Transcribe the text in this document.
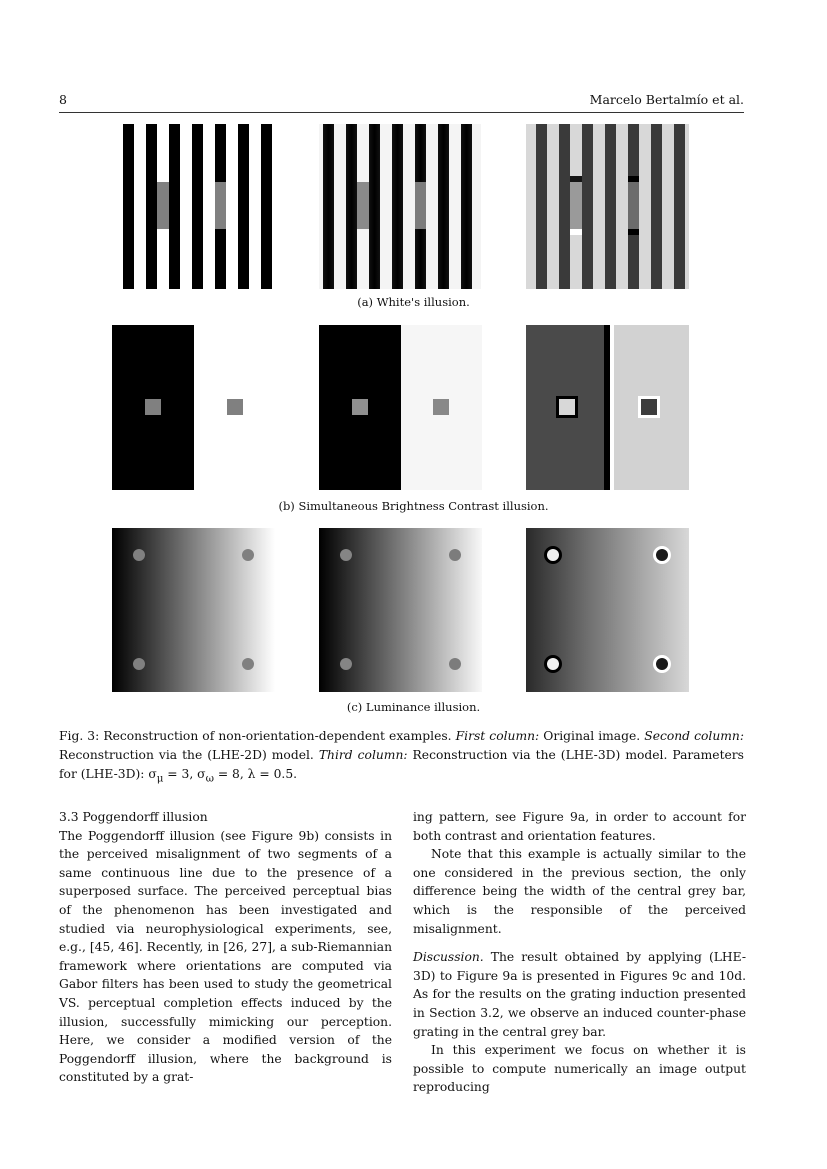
8	Marcelo Bertalmío et al.
(a) White's illusion.
(b) Simultaneous Brightness Contrast illusion.
(c) Luminance illusion.
Fig. 3: Reconstruction of non-orientation-dependent examples. First column: Original image. Second column: Reconstruction via the (LHE-2D) model. Third column: Reconstruction via the (LHE-3D) model. Parameters for (LHE-3D): $\sigma_\mu = 3$, $\sigma_\omega = 8$, λ = 0.5.

3.3 Poggendorff illusion

The Poggendorff illusion (see Figure 9b) consists in the perceived misalignment of two segments of a same continuous line due to the presence of a superposed surface. The perceived perceptual bias of the phenomenon has been investigated and studied via neurophysiological experiments, see, e.g., [45, 46]. Recently, in [26, 27], a sub-Riemannian framework where orientations are computed via Gabor filters has been used to study the geometrical VS. perceptual completion effects induced by the illusion, successfully mimicking our perception. Here, we consider a modified version of the Poggendorff illusion, where the background is constituted by a grat-

ing pattern, see Figure 9a, in order to account for both contrast and orientation features.

Note that this example is actually similar to the one considered in the previous section, the only difference being the width of the central grey bar, which is the responsible of the perceived misalignment.

Discussion. The result obtained by applying (LHE-3D) to Figure 9a is presented in Figures 9c and 10d. As for the results on the grating induction presented in Section 3.2, we observe an induced counter-phase grating in the central grey bar.

In this experiment we focus on whether it is possible to compute numerically an image output reproducing
